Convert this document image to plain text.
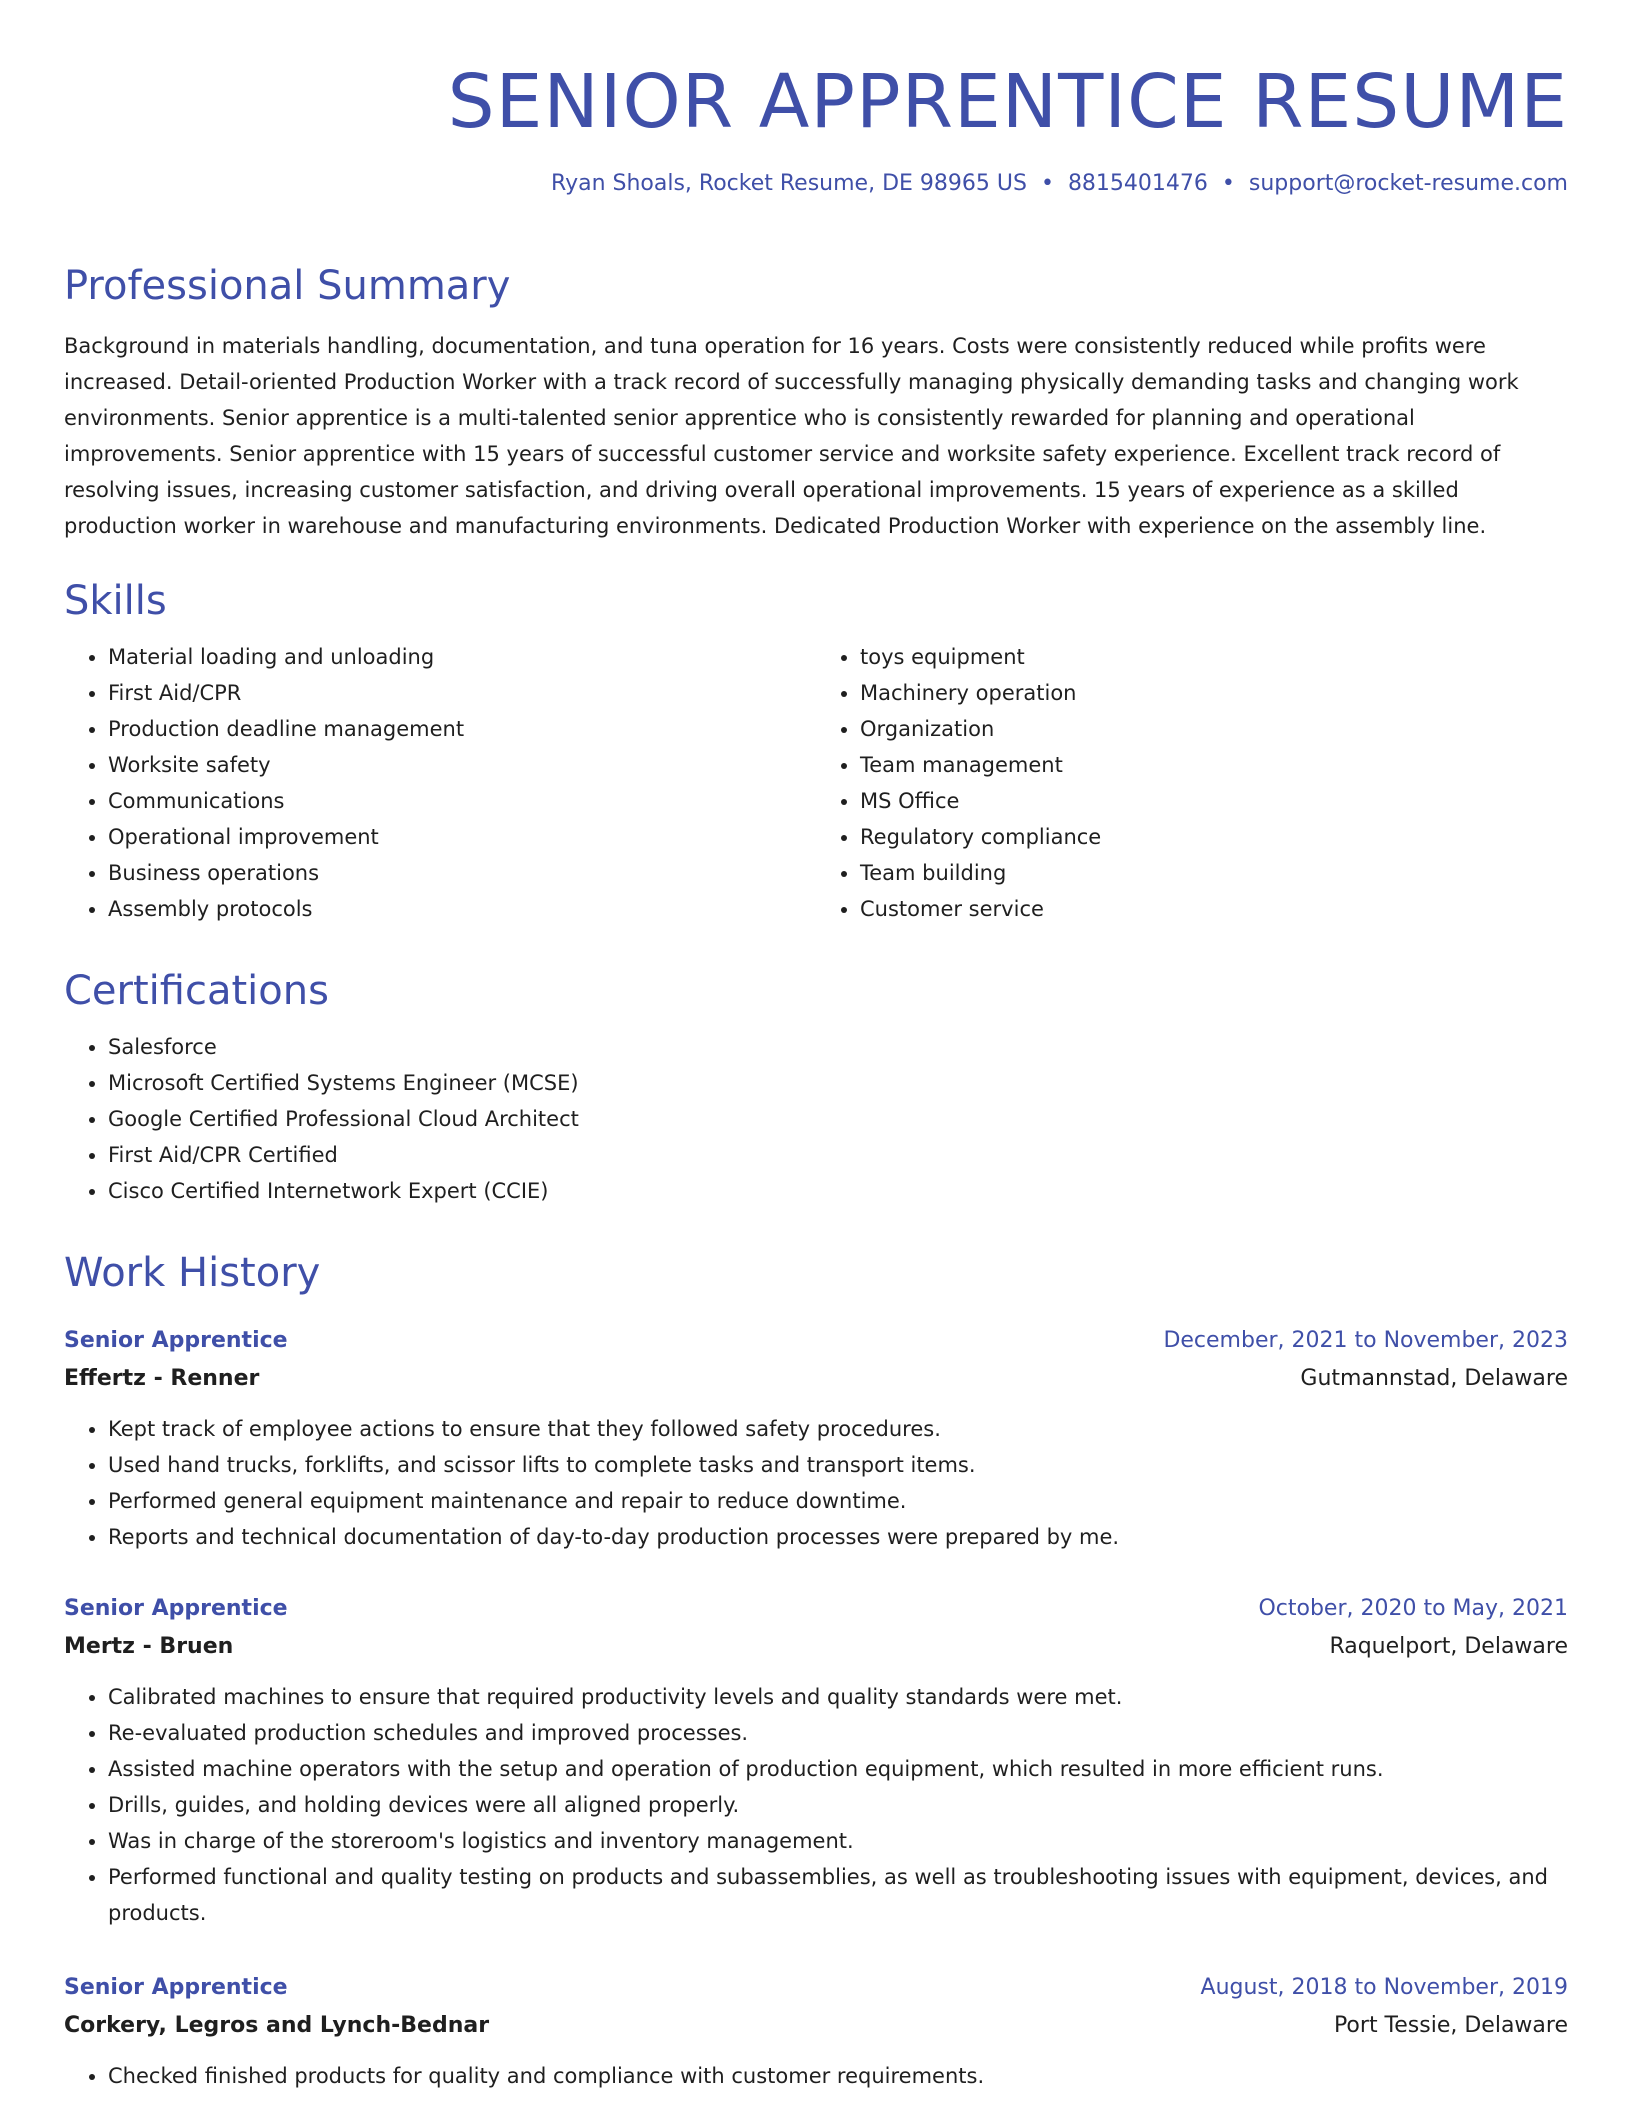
SENIOR APPRENTICE RESUME
Ryan Shoals, Rocket Resume, DE 98965 US • 8815401476 • support@rocket-resume.com
Professional Summary
Background in materials handling, documentation, and tuna operation for 16 years. Costs were consistently reduced while profits were increased. Detail-oriented Production Worker with a track record of successfully managing physically demanding tasks and changing work environments. Senior apprentice is a multi-talented senior apprentice who is consistently rewarded for planning and operational improvements. Senior apprentice with 15 years of successful customer service and worksite safety experience. Excellent track record of resolving issues, increasing customer satisfaction, and driving overall operational improvements. 15 years of experience as a skilled production worker in warehouse and manufacturing environments. Dedicated Production Worker with experience on the assembly line.
Skills
• Material loading and unloading
• First Aid/CPR
• Production deadline management
• Worksite safety
• Communications
• Operational improvement
• Business operations
• Assembly protocols
• toys equipment
• Machinery operation
• Organization
• Team management
• MS Office
• Regulatory compliance
• Team building
• Customer service
Certifications
• Salesforce
• Microsoft Certified Systems Engineer (MCSE)
• Google Certified Professional Cloud Architect
• First Aid/CPR Certified
• Cisco Certified Internetwork Expert (CCIE)
Work History
Senior Apprentice	December, 2021 to November, 2023
Effertz - Renner	Gutmannstad, Delaware
• Kept track of employee actions to ensure that they followed safety procedures.
• Used hand trucks, forklifts, and scissor lifts to complete tasks and transport items.
• Performed general equipment maintenance and repair to reduce downtime.
• Reports and technical documentation of day-to-day production processes were prepared by me.
Senior Apprentice	October, 2020 to May, 2021
Mertz - Bruen	Raquelport, Delaware
• Calibrated machines to ensure that required productivity levels and quality standards were met.
• Re-evaluated production schedules and improved processes.
• Assisted machine operators with the setup and operation of production equipment, which resulted in more efficient runs.
• Drills, guides, and holding devices were all aligned properly.
• Was in charge of the storeroom's logistics and inventory management.
• Performed functional and quality testing on products and subassemblies, as well as troubleshooting issues with equipment, devices, and products.
Senior Apprentice	August, 2018 to November, 2019
Corkery, Legros and Lynch-Bednar	Port Tessie, Delaware
• Checked finished products for quality and compliance with customer requirements.
